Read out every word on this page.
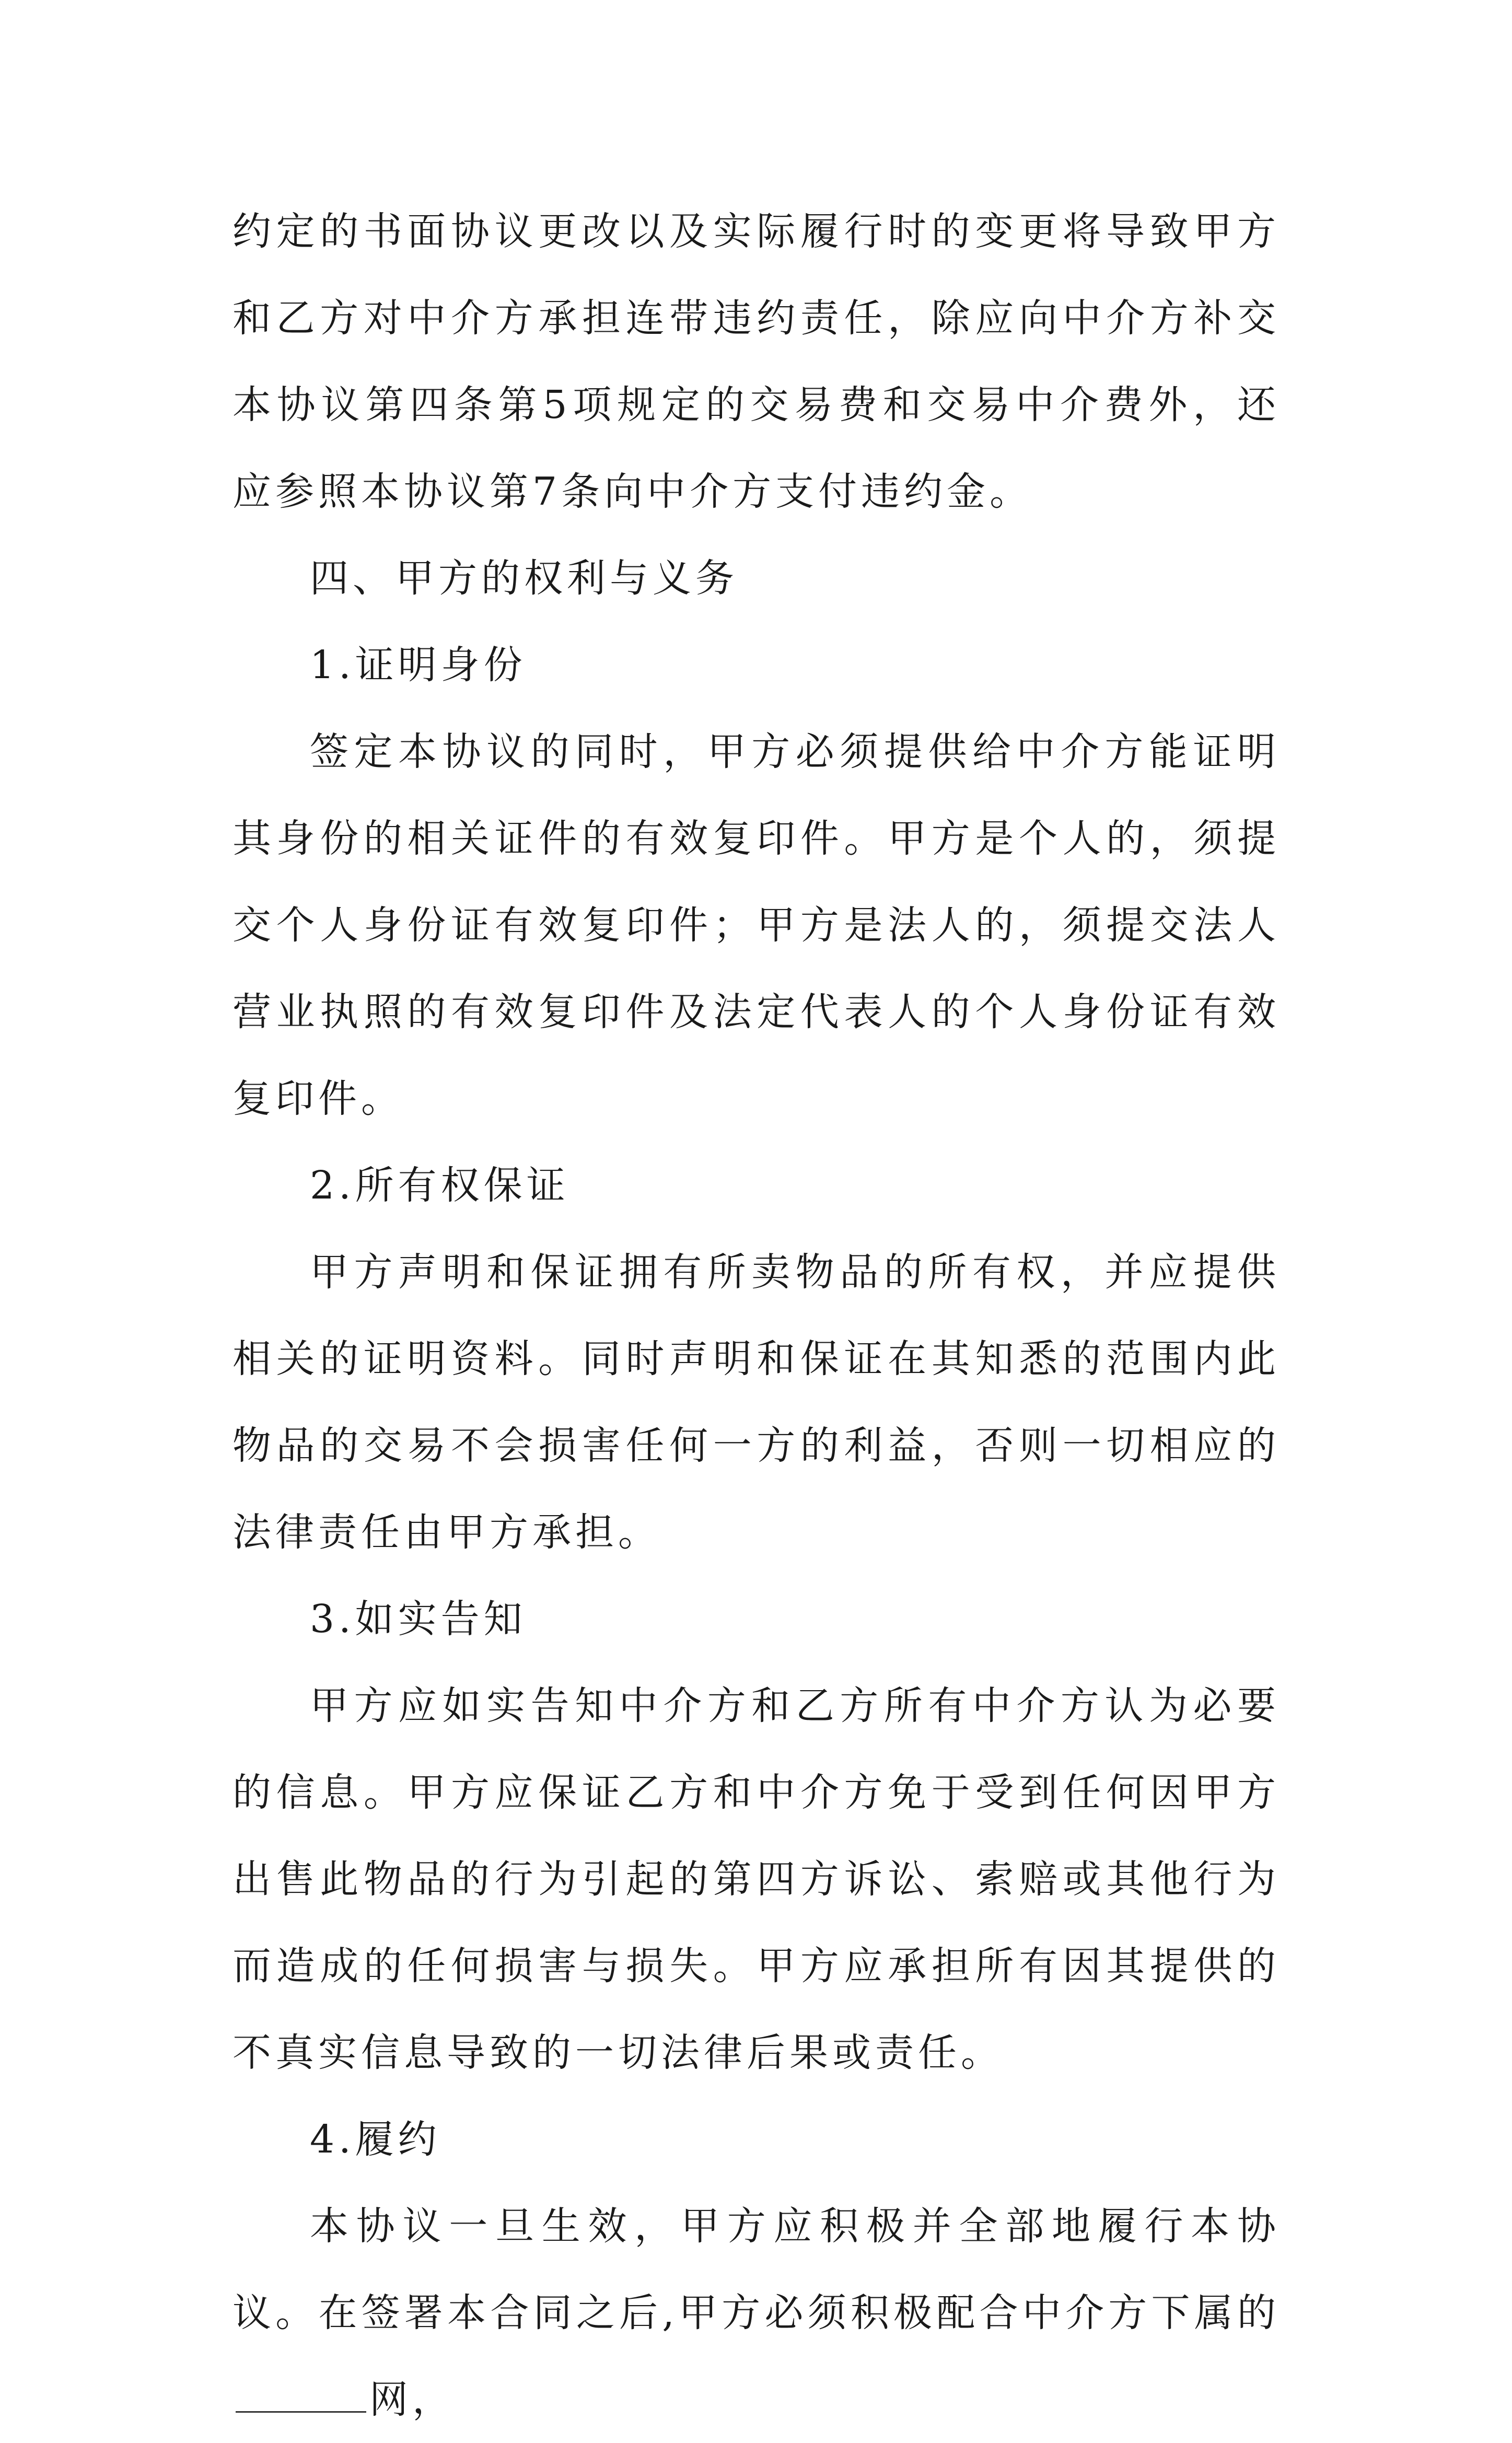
约定的书面协议更改以及实际履行时的变更将导致甲方和乙方对中介方承担连带违约责任，除应向中介方补交本协议第四条第5项规定的交易费和交易中介费外，还应参照本协议第7条向中介方支付违约金。

四、甲方的权利与义务

1.证明身份

签定本协议的同时，甲方必须提供给中介方能证明其身份的相关证件的有效复印件。甲方是个人的，须提交个人身份证有效复印件；甲方是法人的，须提交法人营业执照的有效复印件及法定代表人的个人身份证有效复印件。

2.所有权保证

甲方声明和保证拥有所卖物品的所有权，并应提供相关的证明资料。同时声明和保证在其知悉的范围内此物品的交易不会损害任何一方的利益，否则一切相应的法律责任由甲方承担。

3.如实告知

甲方应如实告知中介方和乙方所有中介方认为必要的信息。甲方应保证乙方和中介方免于受到任何因甲方出售此物品的行为引起的第四方诉讼、索赔或其他行为而造成的任何损害与损失。甲方应承担所有因其提供的不真实信息导致的一切法律后果或责任。

4.履约

本协议一旦生效，甲方应积极并全部地履行本协议。在签署本合同之后,甲方必须积极配合中介方下属的网，
